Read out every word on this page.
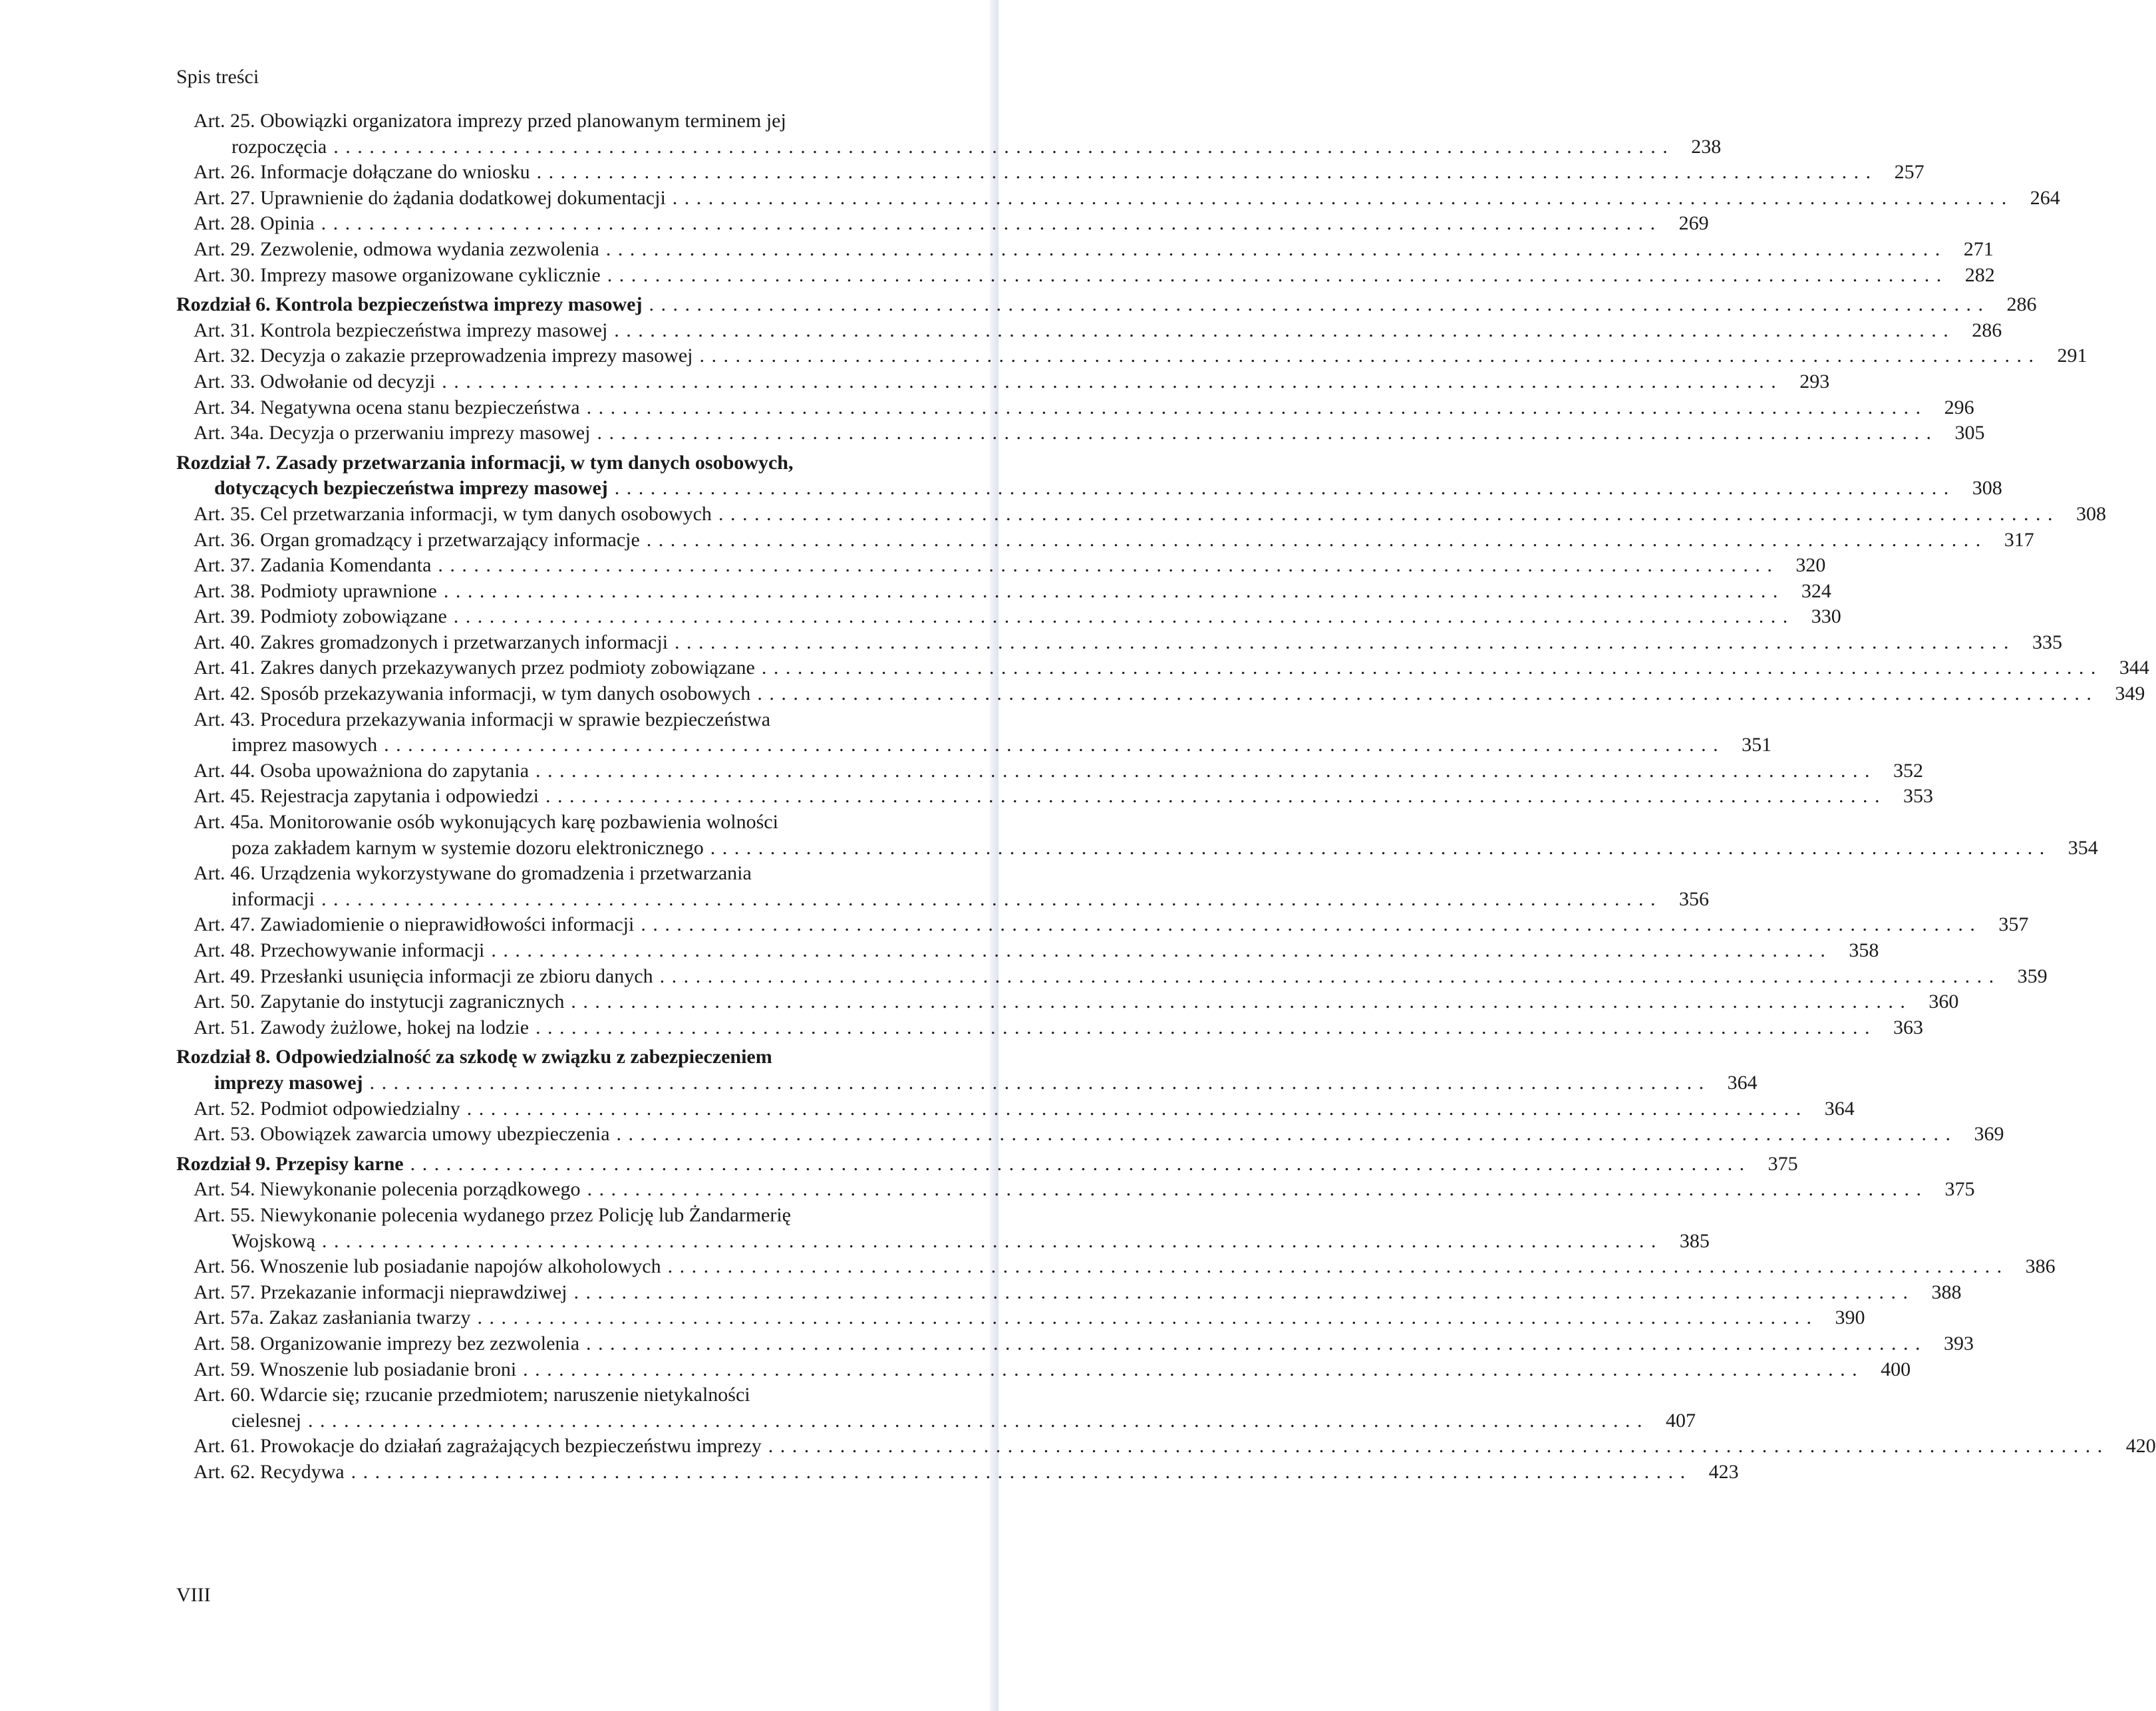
Spis treści
Art. 25. Obowiązki organizatora imprezy przed planowanym terminem jej
rozpoczęcia ................................................................................................................ 238
Art. 26. Informacje dołączane do wniosku ................................................................................................................ 257
Art. 27. Uprawnienie do żądania dodatkowej dokumentacji ................................................................................................................ 264
Art. 28. Opinia ................................................................................................................ 269
Art. 29. Zezwolenie, odmowa wydania zezwolenia ................................................................................................................ 271
Art. 30. Imprezy masowe organizowane cyklicznie ................................................................................................................ 282
Rozdział 6. Kontrola bezpieczeństwa imprezy masowej ................................................................................................................ 286
Art. 31. Kontrola bezpieczeństwa imprezy masowej ................................................................................................................ 286
Art. 32. Decyzja o zakazie przeprowadzenia imprezy masowej ................................................................................................................ 291
Art. 33. Odwołanie od decyzji ................................................................................................................ 293
Art. 34. Negatywna ocena stanu bezpieczeństwa ................................................................................................................ 296
Art. 34a. Decyzja o przerwaniu imprezy masowej ................................................................................................................ 305
Rozdział 7. Zasady przetwarzania informacji, w tym danych osobowych,
dotyczących bezpieczeństwa imprezy masowej ................................................................................................................ 308
Art. 35. Cel przetwarzania informacji, w tym danych osobowych ................................................................................................................ 308
Art. 36. Organ gromadzący i przetwarzający informacje ................................................................................................................ 317
Art. 37. Zadania Komendanta ................................................................................................................ 320
Art. 38. Podmioty uprawnione ................................................................................................................ 324
Art. 39. Podmioty zobowiązane ................................................................................................................ 330
Art. 40. Zakres gromadzonych i przetwarzanych informacji ................................................................................................................ 335
Art. 41. Zakres danych przekazywanych przez podmioty zobowiązane ................................................................................................................ 344
Art. 42. Sposób przekazywania informacji, w tym danych osobowych ................................................................................................................ 349
Art. 43. Procedura przekazywania informacji w sprawie bezpieczeństwa
imprez masowych ................................................................................................................ 351
Art. 44. Osoba upoważniona do zapytania ................................................................................................................ 352
Art. 45. Rejestracja zapytania i odpowiedzi ................................................................................................................ 353
Art. 45a. Monitorowanie osób wykonujących karę pozbawienia wolności
poza zakładem karnym w systemie dozoru elektronicznego ................................................................................................................ 354
Art. 46. Urządzenia wykorzystywane do gromadzenia i przetwarzania
informacji ................................................................................................................ 356
Art. 47. Zawiadomienie o nieprawidłowości informacji ................................................................................................................ 357
Art. 48. Przechowywanie informacji ................................................................................................................ 358
Art. 49. Przesłanki usunięcia informacji ze zbioru danych ................................................................................................................ 359
Art. 50. Zapytanie do instytucji zagranicznych ................................................................................................................ 360
Art. 51. Zawody żużlowe, hokej na lodzie ................................................................................................................ 363
Rozdział 8. Odpowiedzialność za szkodę w związku z zabezpieczeniem
imprezy masowej ................................................................................................................ 364
Art. 52. Podmiot odpowiedzialny ................................................................................................................ 364
Art. 53. Obowiązek zawarcia umowy ubezpieczenia ................................................................................................................ 369
Rozdział 9. Przepisy karne ................................................................................................................ 375
Art. 54. Niewykonanie polecenia porządkowego ................................................................................................................ 375
Art. 55. Niewykonanie polecenia wydanego przez Policję lub Żandarmerię
Wojskową ................................................................................................................ 385
Art. 56. Wnoszenie lub posiadanie napojów alkoholowych ................................................................................................................ 386
Art. 57. Przekazanie informacji nieprawdziwej ................................................................................................................ 388
Art. 57a. Zakaz zasłaniania twarzy ................................................................................................................ 390
Art. 58. Organizowanie imprezy bez zezwolenia ................................................................................................................ 393
Art. 59. Wnoszenie lub posiadanie broni ................................................................................................................ 400
Art. 60. Wdarcie się; rzucanie przedmiotem; naruszenie nietykalności
cielesnej ................................................................................................................ 407
Art. 61. Prowokacje do działań zagrażających bezpieczeństwu imprezy ................................................................................................................ 420
Art. 62. Recydywa ................................................................................................................ 423
VIII
